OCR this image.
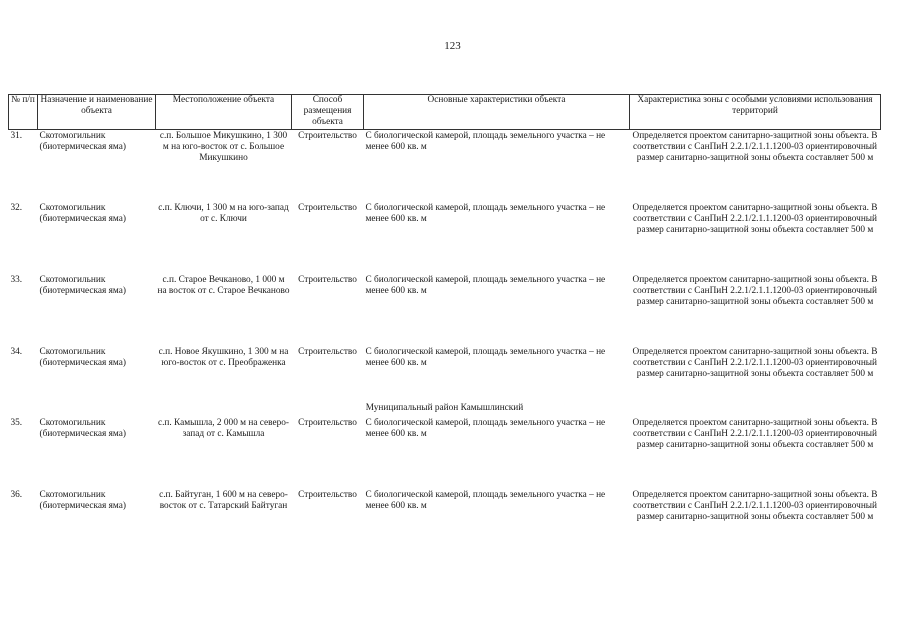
123
№ п/п	Назначение и наименование объекта	Местоположение объекта	Способ размещения объекта	Основные характеристики объекта	Характеристика зоны с особыми условиями использования территорий
31.	Скотомогильник (биотермическая яма)	с.п. Большое Микушкино, 1 300 м на юго-восток от с. Большое Микушкино	Строительство	С биологической камерой, площадь земельного участка – не менее 600 кв. м	Определяется проектом санитарно-защитной зоны объекта. В соответствии с СанПиН 2.2.1/2.1.1.1200-03 ориентировочный размер санитарно-защитной зоны объекта составляет 500 м
32.	Скотомогильник (биотермическая яма)	с.п. Ключи, 1 300 м на юго-запад от с. Ключи	Строительство	С биологической камерой, площадь земельного участка – не менее 600 кв. м	Определяется проектом санитарно-защитной зоны объекта. В соответствии с СанПиН 2.2.1/2.1.1.1200-03 ориентировочный размер санитарно-защитной зоны объекта составляет 500 м
33.	Скотомогильник (биотермическая яма)	с.п. Старое Вечканово, 1 000 м на восток от с. Старое Вечканово	Строительство	С биологической камерой, площадь земельного участка – не менее 600 кв. м	Определяется проектом санитарно-защитной зоны объекта. В соответствии с СанПиН 2.2.1/2.1.1.1200-03 ориентировочный размер санитарно-защитной зоны объекта составляет 500 м
34.	Скотомогильник (биотермическая яма)	с.п. Новое Якушкино, 1 300 м на юго-восток от с. Преображенка	Строительство	С биологической камерой, площадь земельного участка – не менее 600 кв. м	Определяется проектом санитарно-защитной зоны объекта. В соответствии с СанПиН 2.2.1/2.1.1.1200-03 ориентировочный размер санитарно-защитной зоны объекта составляет 500 м
Муниципальный район Камышлинский					
35.	Скотомогильник (биотермическая яма)	с.п. Камышла, 2 000 м на северо-запад от с. Камышла	Строительство	С биологической камерой, площадь земельного участка – не менее 600 кв. м	Определяется проектом санитарно-защитной зоны объекта. В соответствии с СанПиН 2.2.1/2.1.1.1200-03 ориентировочный размер санитарно-защитной зоны объекта составляет 500 м
36.	Скотомогильник (биотермическая яма)	с.п. Байтуган, 1 600 м на северо-восток от с. Татарский Байтуган	Строительство	С биологической камерой, площадь земельного участка – не менее 600 кв. м	Определяется проектом санитарно-защитной зоны объекта. В соответствии с СанПиН 2.2.1/2.1.1.1200-03 ориентировочный размер санитарно-защитной зоны объекта составляет 500 м
